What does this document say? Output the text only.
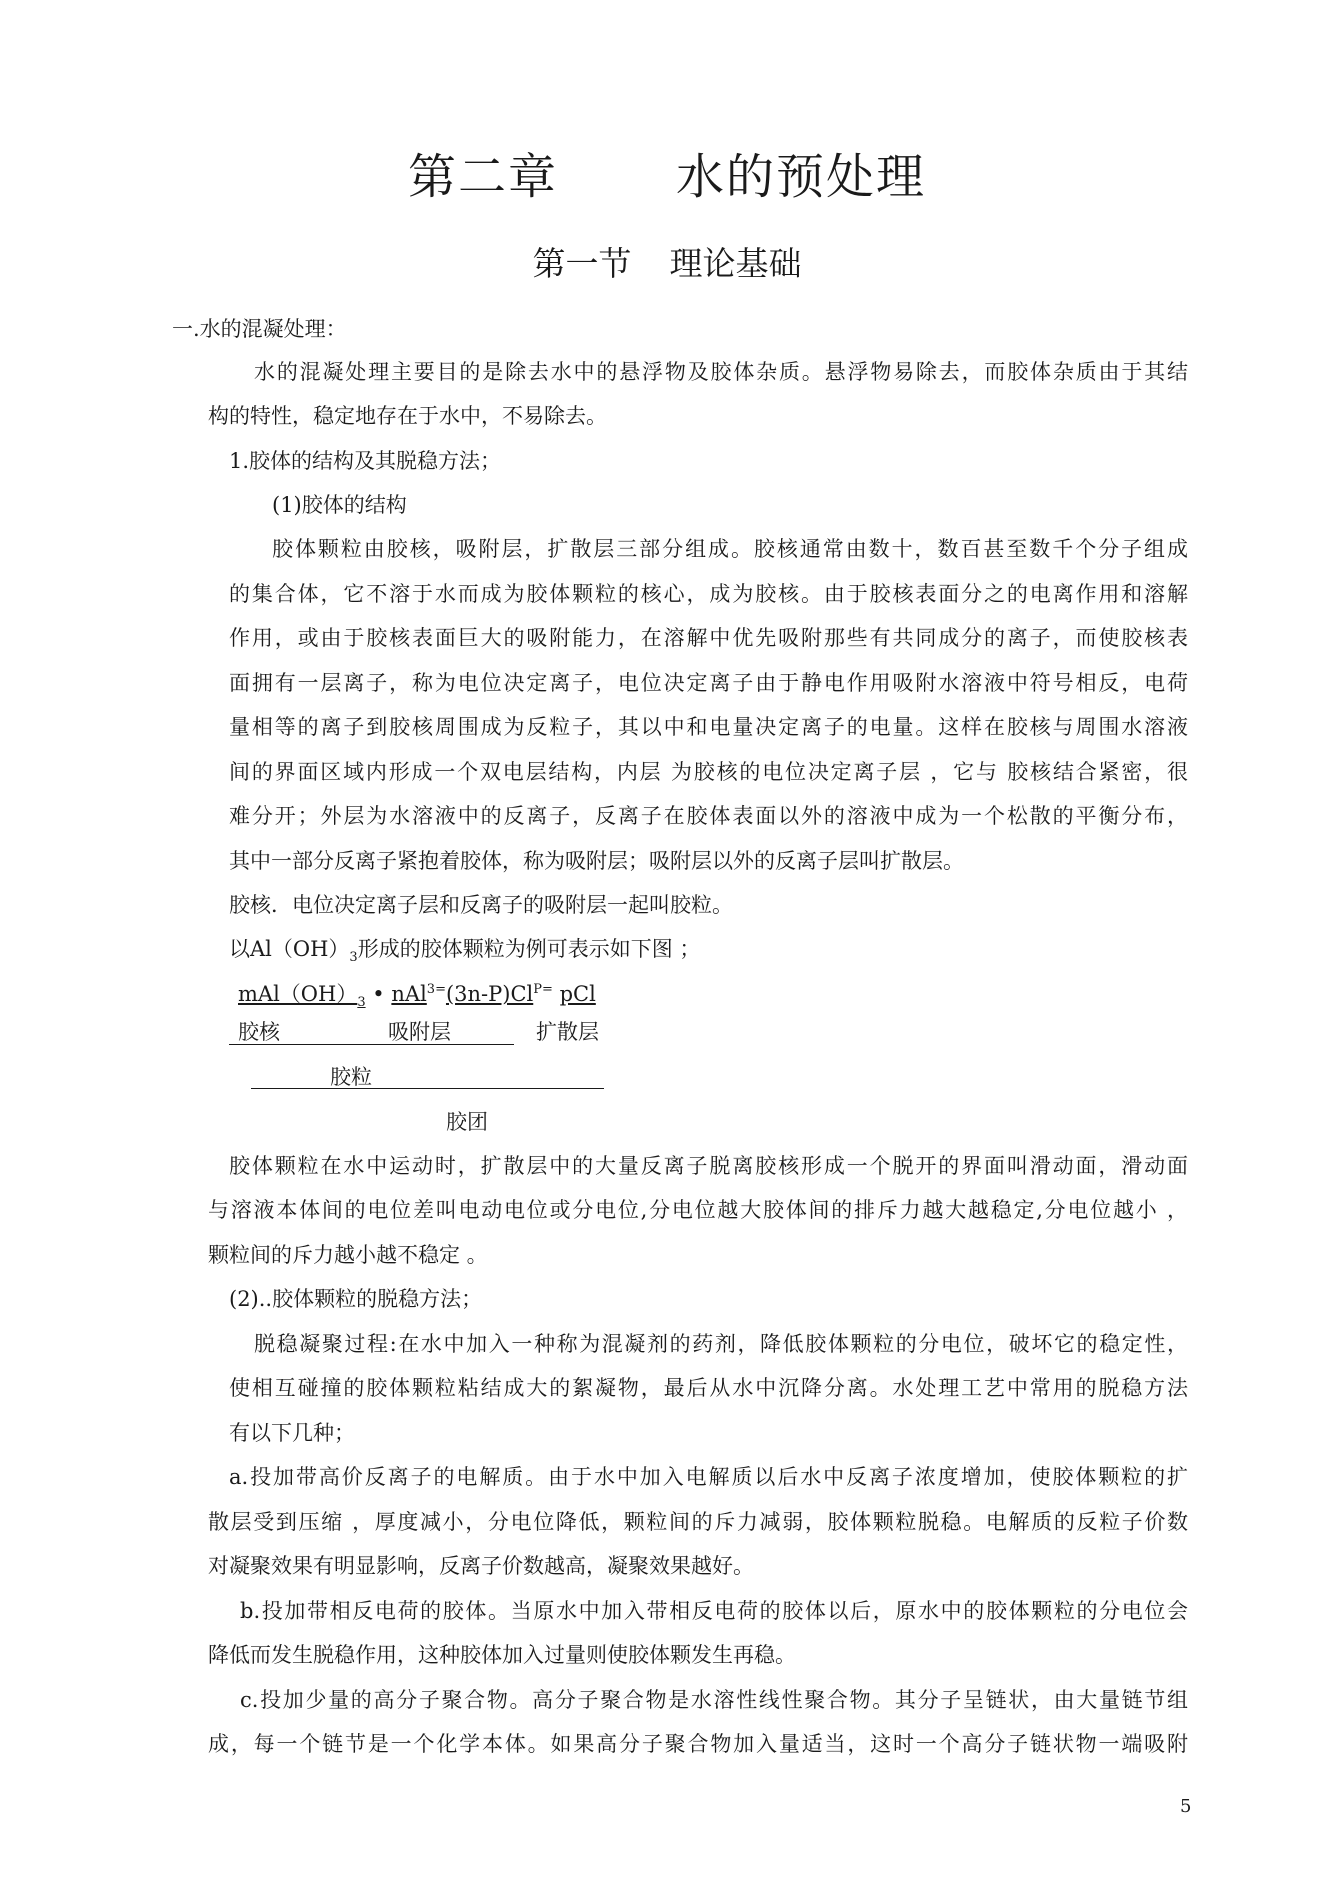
第二章 水的预处理
第一节 理论基础
一.水的混凝处理：
水的混凝处理主要目的是除去水中的悬浮物及胶体杂质。悬浮物易除去，而胶体杂质由于其结
构的特性，稳定地存在于水中，不易除去。
1.胶体的结构及其脱稳方法；
(1)胶体的结构
胶体颗粒由胶核，吸附层，扩散层三部分组成。胶核通常由数十，数百甚至数千个分子组成
的集合体，它不溶于水而成为胶体颗粒的核心，成为胶核。由于胶核表面分之的电离作用和溶解
作用，或由于胶核表面巨大的吸附能力，在溶解中优先吸附那些有共同成分的离子，而使胶核表
面拥有一层离子，称为电位决定离子，电位决定离子由于静电作用吸附水溶液中符号相反，电荷
量相等的离子到胶核周围成为反粒子，其以中和电量决定离子的电量。这样在胶核与周围水溶液
间的界面区域内形成一个双电层结构，内层 为胶核的电位决定离子层 ，它与 胶核结合紧密，很
难分开；外层为水溶液中的反离子，反离子在胶体表面以外的溶液中成为一个松散的平衡分布，
其中一部分反离子紧抱着胶体，称为吸附层；吸附层以外的反离子层叫扩散层。
胶核．电位决定离子层和反离子的吸附层一起叫胶粒。
以$Al(OH)_3$形成的胶体颗粒为例可表示如下图 ；
$mAl(OH)_3$ • $nAl^{3=}(3n-P)Cl^{P=}$ pCl
胶核	吸附层	扩散层
胶粒
胶团
胶体颗粒在水中运动时，扩散层中的大量反离子脱离胶核形成一个脱开的界面叫滑动面，滑动面
与溶液本体间的电位差叫电动电位或分电位,分电位越大胶体间的排斥力越大越稳定,分电位越小 ，
颗粒间的斥力越小越不稳定 。
(2)..胶体颗粒的脱稳方法；
脱稳凝聚过程:在水中加入一种称为混凝剂的药剂，降低胶体颗粒的分电位，破坏它的稳定性，
使相互碰撞的胶体颗粒粘结成大的絮凝物，最后从水中沉降分离。水处理工艺中常用的脱稳方法
有以下几种；
a.投加带高价反离子的电解质。由于水中加入电解质以后水中反离子浓度增加，使胶体颗粒的扩
散层受到压缩 ，厚度减小，分电位降低，颗粒间的斥力减弱，胶体颗粒脱稳。电解质的反粒子价数
对凝聚效果有明显影响，反离子价数越高，凝聚效果越好。
b.投加带相反电荷的胶体。当原水中加入带相反电荷的胶体以后，原水中的胶体颗粒的分电位会
降低而发生脱稳作用，这种胶体加入过量则使胶体颗发生再稳。
c.投加少量的高分子聚合物。高分子聚合物是水溶性线性聚合物。其分子呈链状，由大量链节组
成，每一个链节是一个化学本体。如果高分子聚合物加入量适当，这时一个高分子链状物一端吸附
5
